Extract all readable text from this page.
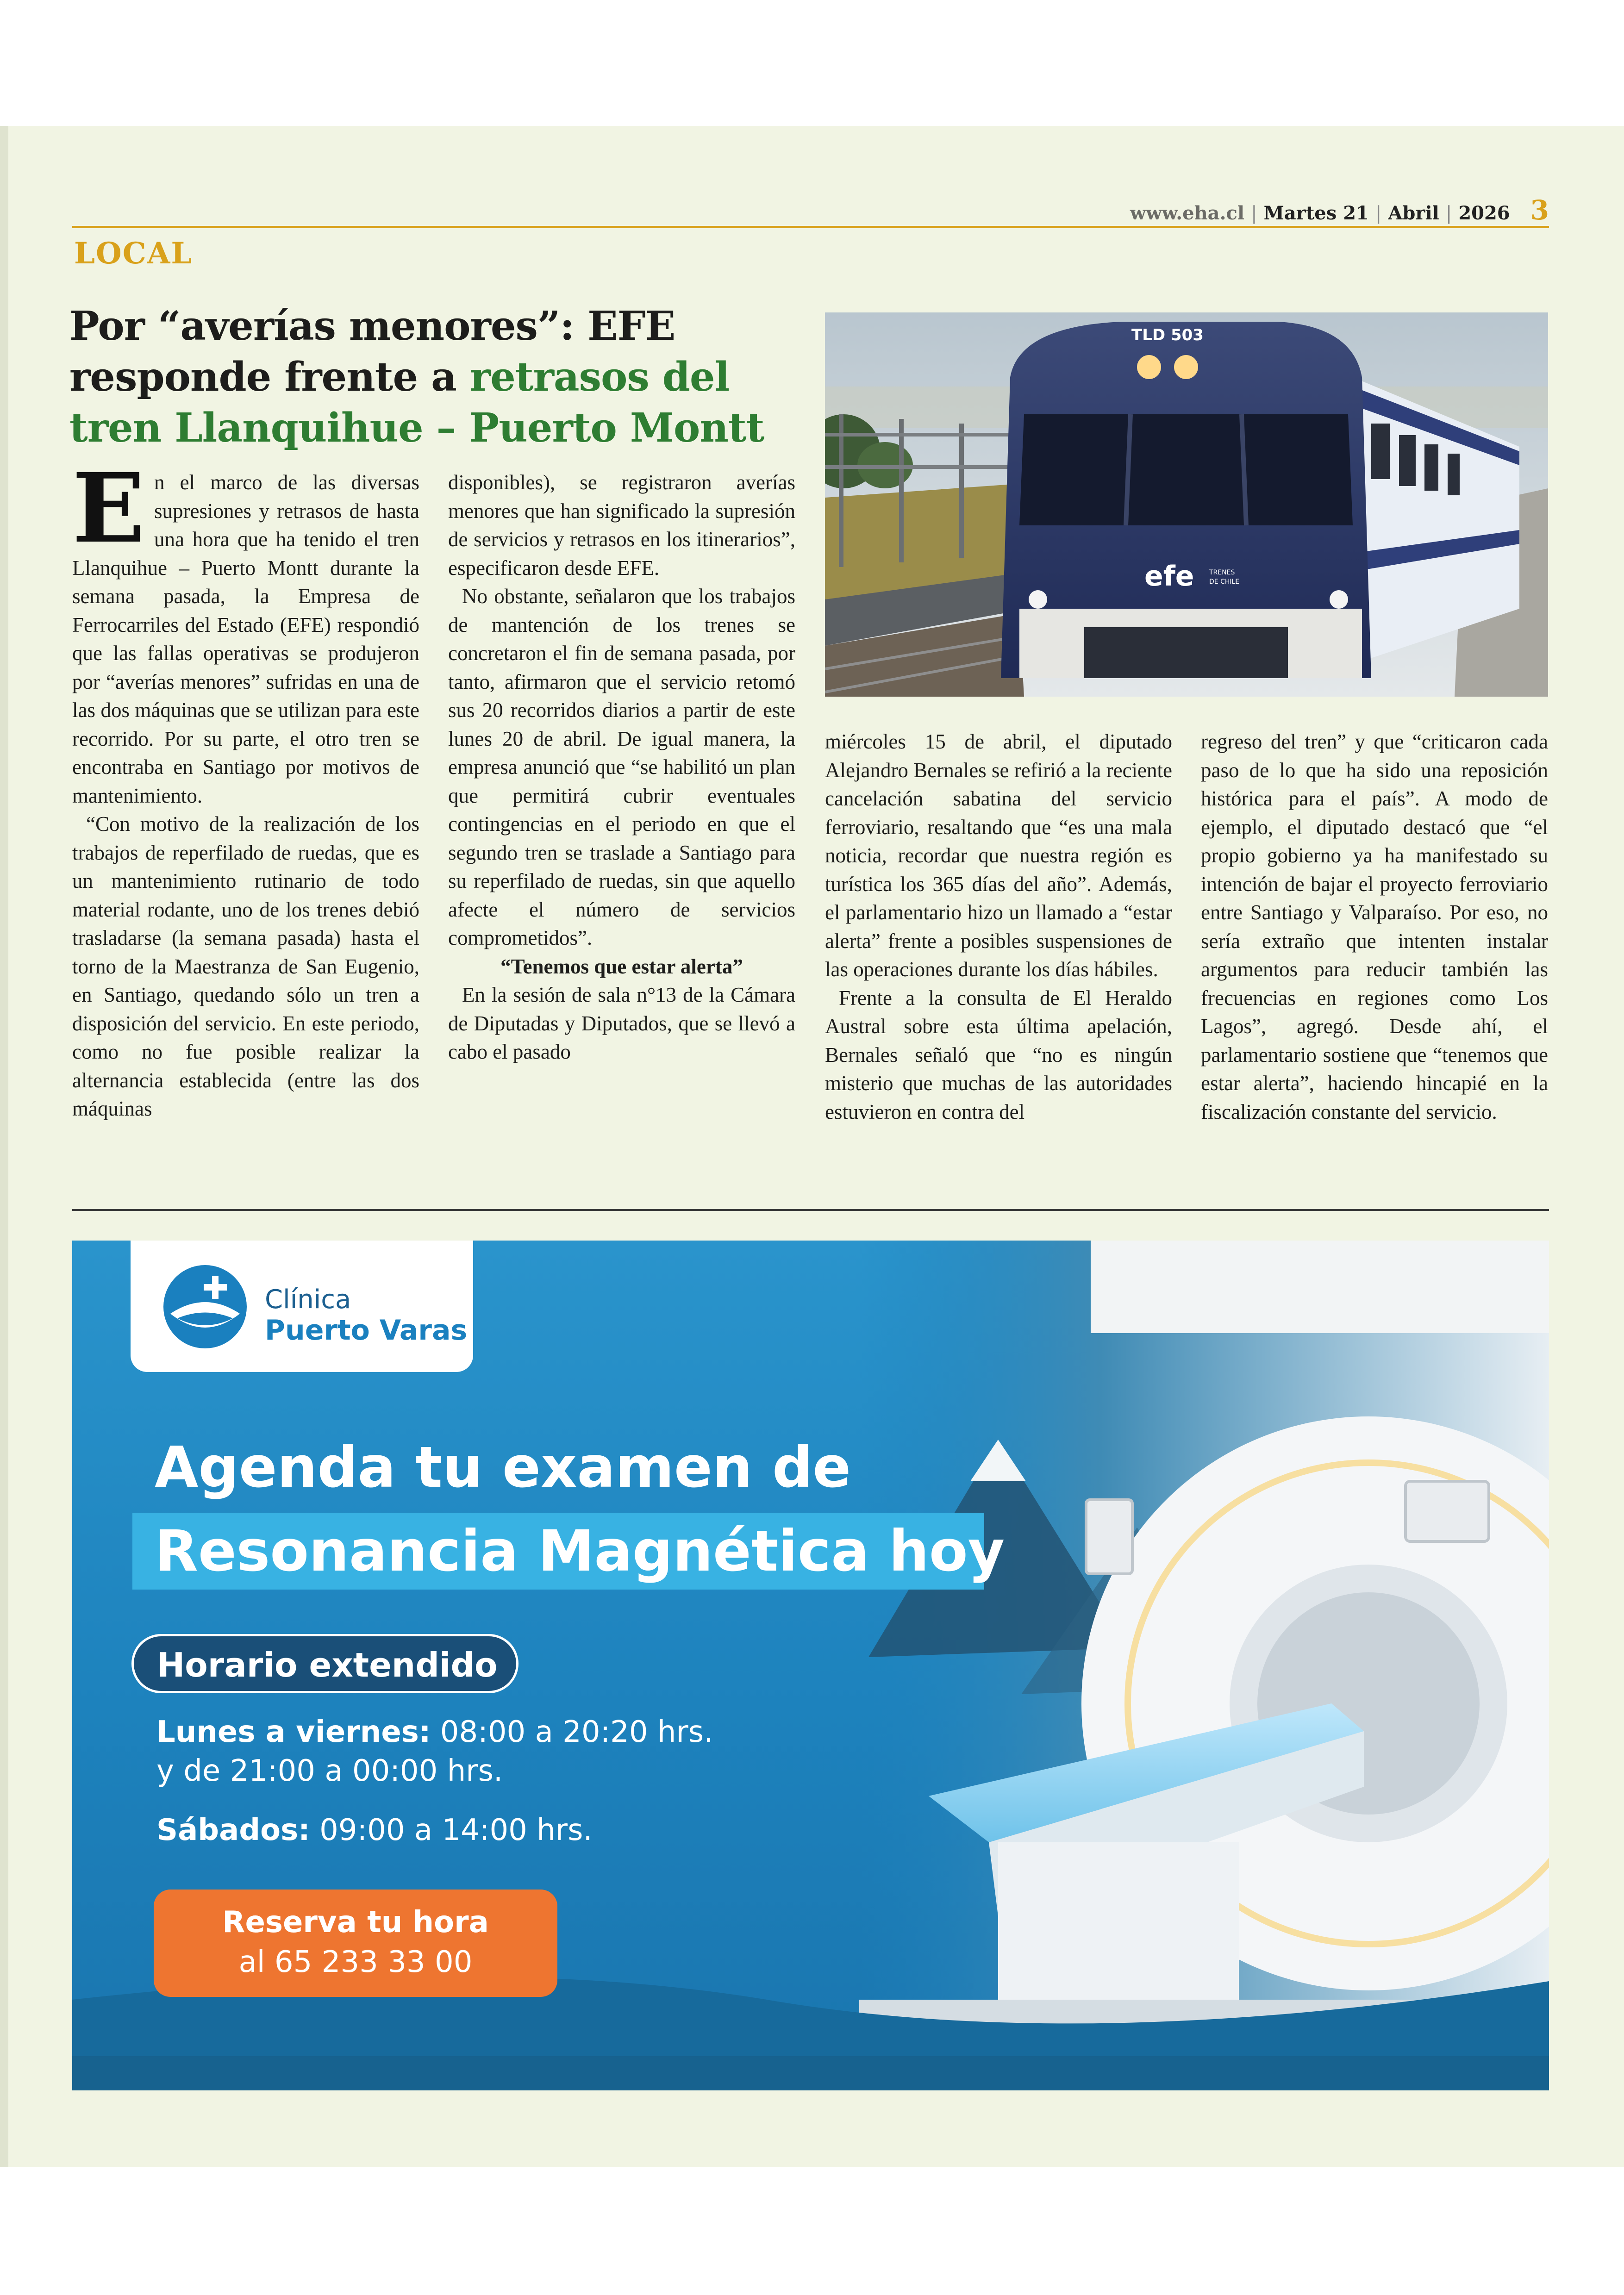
www.eha.cl | Martes 21 | Abril | 2026 3
LOCAL
Por “averías menores”: EFE responde frente a retrasos del tren Llanquihue – Puerto Montt
TLD 503
efe TRENES
DE CHILE

En el marco de las diversas supresiones y retrasos de hasta una hora que ha tenido el tren Llanquihue – Puerto Montt durante la semana pasada, la Empresa de Ferrocarriles del Estado (EFE) respondió que las fallas operativas se produjeron por “averías menores” sufridas en una de las dos máquinas que se utilizan para este recorrido. Por su parte, el otro tren se encontraba en Santiago por motivos de mantenimiento.

“Con motivo de la realización de los trabajos de reperfilado de ruedas, que es un mantenimiento rutinario de todo material rodante, uno de los trenes debió trasladarse (la semana pasada) hasta el torno de la Maestranza de San Eugenio, en Santiago, quedando sólo un tren a disposición del servicio. En este periodo, como no fue posible realizar la alternancia establecida (entre las dos máquinas

disponibles), se registraron averías menores que han significado la supresión de servicios y retrasos en los itinerarios”, especificaron desde EFE.

No obstante, señalaron que los trabajos de mantención de los trenes se concretaron el fin de semana pasada, por tanto, afirmaron que el servicio retomó sus 20 recorridos diarios a partir de este lunes 20 de abril. De igual manera, la empresa anunció que “se habilitó un plan que permitirá cubrir eventuales contingencias en el periodo en que el segundo tren se traslade a Santiago para su reperfilado de ruedas, sin que aquello afecte el número de servicios comprometidos”.

“Tenemos que estar alerta”

En la sesión de sala n°13 de la Cámara de Diputadas y Diputados, que se llevó a cabo el pasado

miércoles 15 de abril, el diputado Alejandro Bernales se refirió a la reciente cancelación sabatina del servicio ferroviario, resaltando que “es una mala noticia, recordar que nuestra región es turística los 365 días del año”. Además, el parlamentario hizo un llamado a “estar alerta” frente a posibles suspensiones de las operaciones durante los días hábiles.

Frente a la consulta de El Heraldo Austral sobre esta última apelación, Bernales señaló que “no es ningún misterio que muchas de las autoridades estuvieron en contra del

regreso del tren” y que “criticaron cada paso de lo que ha sido una reposición histórica para el país”. A modo de ejemplo, el diputado destacó que “el propio gobierno ya ha manifestado su intención de bajar el proyecto ferroviario entre Santiago y Valparaíso. Por eso, no sería extraño que intenten instalar argumentos para reducir también las frecuencias en regiones como Los Lagos”, agregó. Desde ahí, el parlamentario sostiene que “tenemos que estar alerta”, haciendo hincapié en la fiscalización constante del servicio.

Clínica
Puerto Varas
Agenda tu examen de
Resonancia Magnética hoy
Horario extendido
Lunes a viernes: 08:00 a 20:20 hrs.
y de 21:00 a 00:00 hrs.
Sábados: 09:00 a 14:00 hrs.
Reserva tu hora
al 65 233 33 00
